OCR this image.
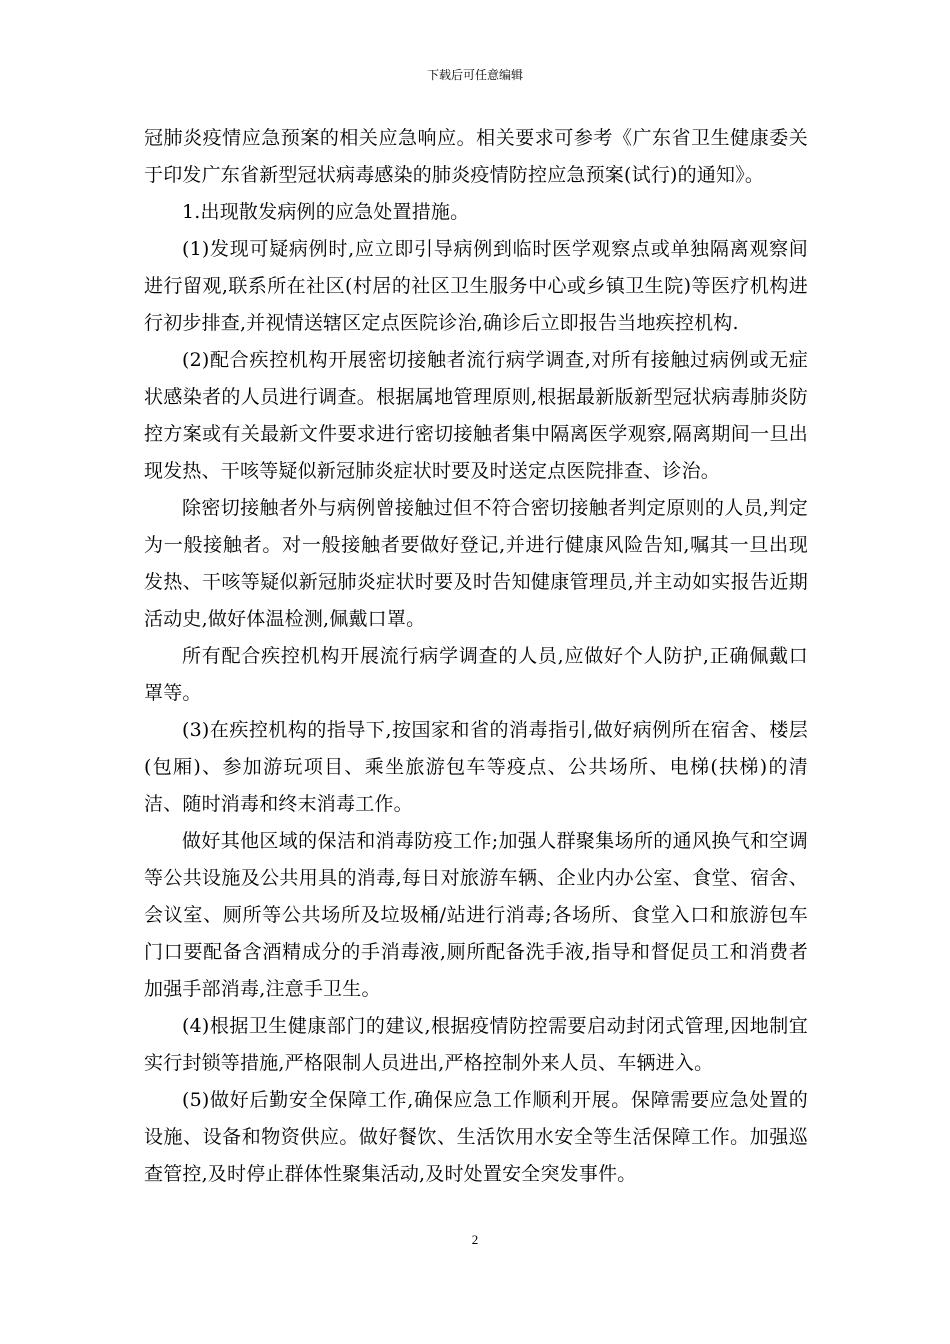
下载后可任意编辑

冠肺炎疫情应急预案的相关应急响应。相关要求可参考《广东省卫生健康委关于印发广东省新型冠状病毒感染的肺炎疫情防控应急预案(试行)的通知》。

1.出现散发病例的应急处置措施。

(1)发现可疑病例时,应立即引导病例到临时医学观察点或单独隔离观察间进行留观,联系所在社区(村居的社区卫生服务中心或乡镇卫生院)等医疗机构进行初步排查,并视情送辖区定点医院诊治,确诊后立即报告当地疾控机构.

(2)配合疾控机构开展密切接触者流行病学调查,对所有接触过病例或无症状感染者的人员进行调查。根据属地管理原则,根据最新版新型冠状病毒肺炎防控方案或有关最新文件要求进行密切接触者集中隔离医学观察,隔离期间一旦出现发热、干咳等疑似新冠肺炎症状时要及时送定点医院排查、诊治。

除密切接触者外与病例曾接触过但不符合密切接触者判定原则的人员,判定为一般接触者。对一般接触者要做好登记,并进行健康风险告知,嘱其一旦出现发热、干咳等疑似新冠肺炎症状时要及时告知健康管理员,并主动如实报告近期活动史,做好体温检测,佩戴口罩。

所有配合疾控机构开展流行病学调查的人员,应做好个人防护,正确佩戴口罩等。

(3)在疾控机构的指导下,按国家和省的消毒指引,做好病例所在宿舍、楼层(包厢)、参加游玩项目、乘坐旅游包车等疫点、公共场所、电梯(扶梯)的清洁、随时消毒和终末消毒工作。

做好其他区域的保洁和消毒防疫工作;加强人群聚集场所的通风换气和空调等公共设施及公共用具的消毒,每日对旅游车辆、企业内办公室、食堂、宿舍、会议室、厕所等公共场所及垃圾桶/站进行消毒;各场所、食堂入口和旅游包车门口要配备含酒精成分的手消毒液,厕所配备洗手液,指导和督促员工和消费者加强手部消毒,注意手卫生。

(4)根据卫生健康部门的建议,根据疫情防控需要启动封闭式管理,因地制宜实行封锁等措施,严格限制人员进出,严格控制外来人员、车辆进入。

(5)做好后勤安全保障工作,确保应急工作顺利开展。保障需要应急处置的设施、设备和物资供应。做好餐饮、生活饮用水安全等生活保障工作。加强巡查管控,及时停止群体性聚集活动,及时处置安全突发事件。

2
